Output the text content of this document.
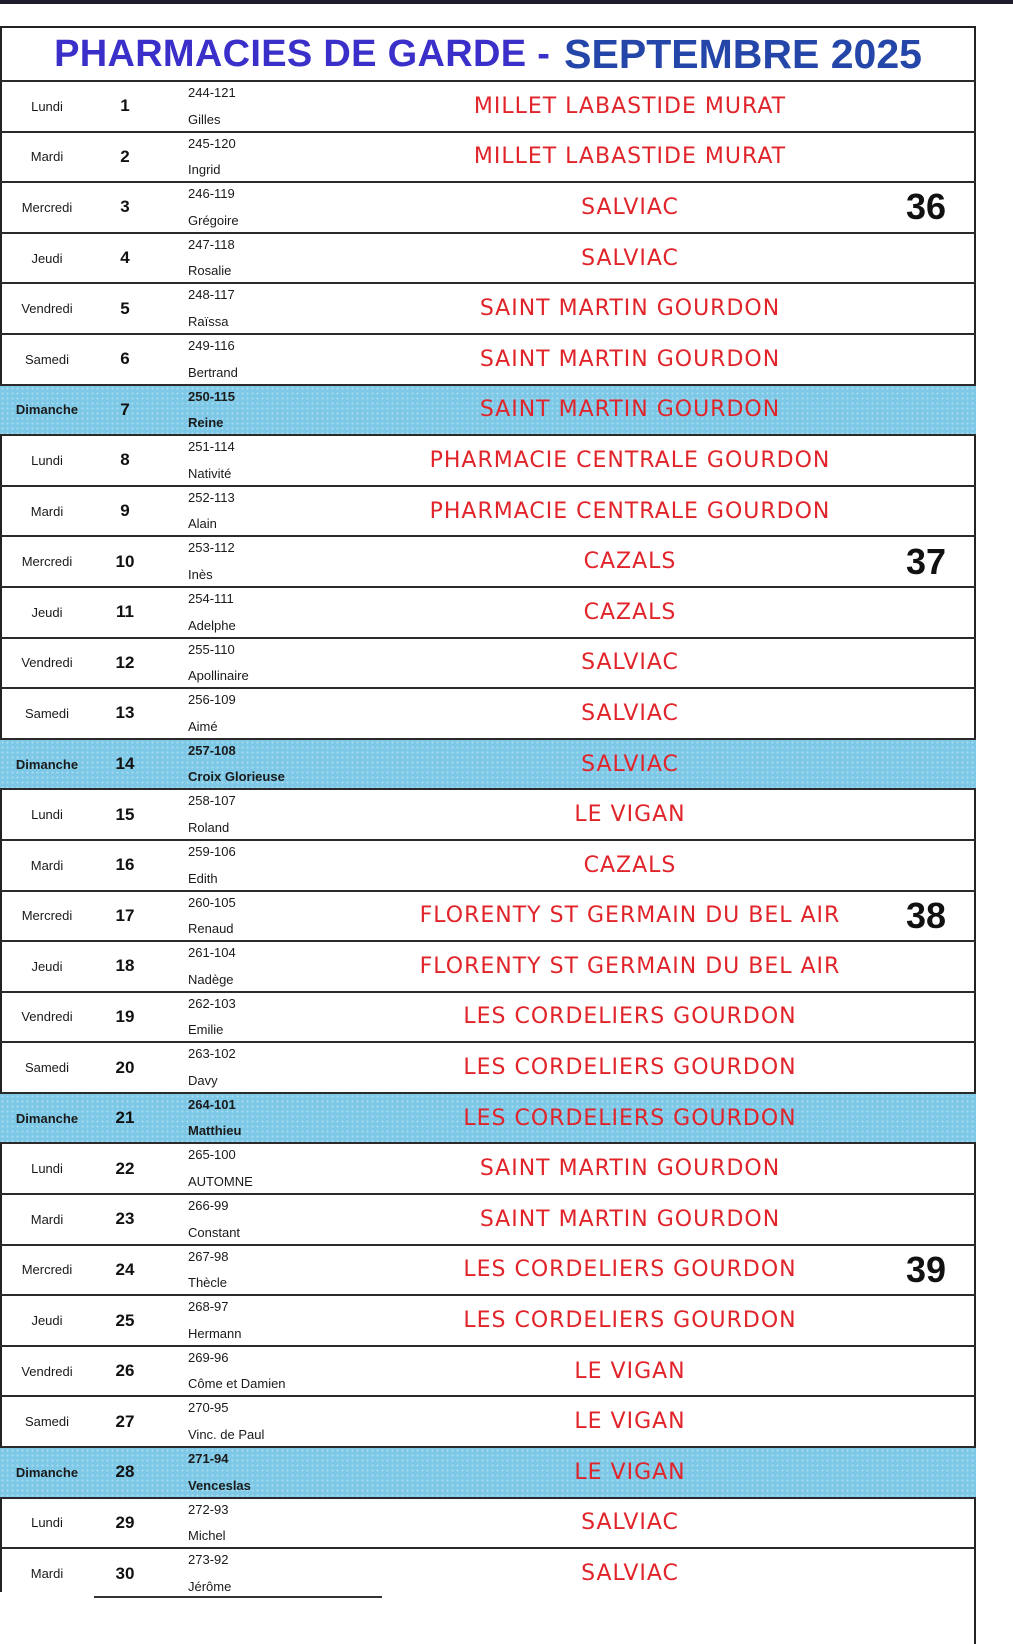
PHARMACIES DE GARDE - SEPTEMBRE 2025
Lundi	1
244-121
Gilles
MILLET LABASTIDE MURAT
Mardi	2
245-120
Ingrid
MILLET LABASTIDE MURAT
Mercredi	3
246-119
Grégoire
SALVIAC	36
Jeudi	4
247-118
Rosalie
SALVIAC
Vendredi	5
248-117
Raïssa
SAINT MARTIN GOURDON
Samedi	6
249-116
Bertrand
SAINT MARTIN GOURDON
Dimanche	7
250-115
Reine
SAINT MARTIN GOURDON
Lundi	8
251-114
Nativité
PHARMACIE CENTRALE GOURDON
Mardi	9
252-113
Alain
PHARMACIE CENTRALE GOURDON
Mercredi	10
253-112
Inès
CAZALS	37
Jeudi	11
254-111
Adelphe
CAZALS
Vendredi	12
255-110
Apollinaire
SALVIAC
Samedi	13
256-109
Aimé
SALVIAC
Dimanche	14
257-108
Croix Glorieuse
SALVIAC
Lundi	15
258-107
Roland
LE VIGAN
Mardi	16
259-106
Edith
CAZALS
Mercredi	17
260-105
Renaud
FLORENTY ST GERMAIN DU BEL AIR	38
Jeudi	18
261-104
Nadège
FLORENTY ST GERMAIN DU BEL AIR
Vendredi	19
262-103
Emilie
LES CORDELIERS GOURDON
Samedi	20
263-102
Davy
LES CORDELIERS GOURDON
Dimanche	21
264-101
Matthieu
LES CORDELIERS GOURDON
Lundi	22
265-100
AUTOMNE
SAINT MARTIN GOURDON
Mardi	23
266-99
Constant
SAINT MARTIN GOURDON
Mercredi	24
267-98
Thècle
LES CORDELIERS GOURDON	39
Jeudi	25
268-97
Hermann
LES CORDELIERS GOURDON
Vendredi	26
269-96
Côme et Damien
LE VIGAN
Samedi	27
270-95
Vinc. de Paul
LE VIGAN
Dimanche	28
271-94
Venceslas
LE VIGAN
Lundi	29
272-93
Michel
SALVIAC
Mardi	30
273-92
Jérôme
SALVIAC
